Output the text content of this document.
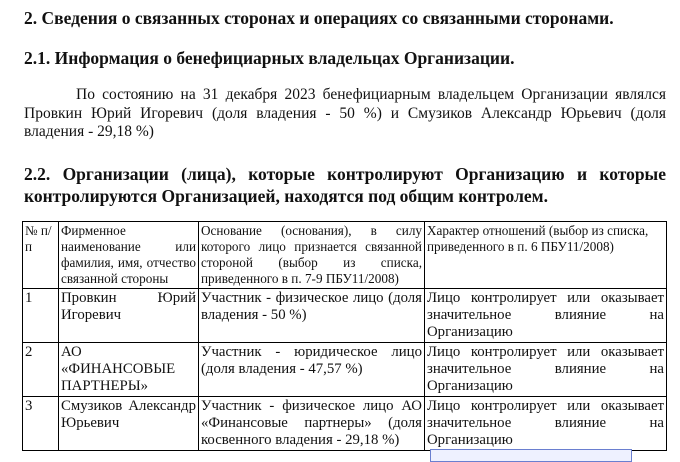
2. Сведения о связанных сторонах и операциях со связанными сторонами.
2.1. Информация о бенефициарных владельцах Организации.
По состоянию на 31 декабря 2023 бенефициарным владельцем Организации являлся Провкин Юрий Игоревич (доля владения - 50 %) и Смузиков Александр Юрьевич (доля владения - 29,18 %)
2.2. Организации (лица), которые контролируют Организацию и которые
контролируются Организацией, находятся под общим контролем.
№ п/п	Фирменное наименование или фамилия, имя, отчество связанной стороны	Основание (основания), в силу которого лицо признается связанной стороной (выбор из списка, приведенного в п. 7-9 ПБУ11/2008)	Характер отношений (выбор из списка, приведенного в п. 6 ПБУ11/2008)
1	Провкин Юрий Игоревич	Участник - физическое лицо (доля владения - 50 %)	Лицо контролирует или оказывает значительное влияние на Организацию
2	АО «ФИНАНСОВЫЕ ПАРТНЕРЫ»	Участник - юридическое лицо (доля владения - 47,57 %)	Лицо контролирует или оказывает значительное влияние на Организацию
3	Смузиков Александр Юрьевич	Участник - физическое лицо АО «Финансовые партнеры» (доля косвенного владения - 29,18 %)	Лицо контролирует или оказывает значительное влияние на Организацию
